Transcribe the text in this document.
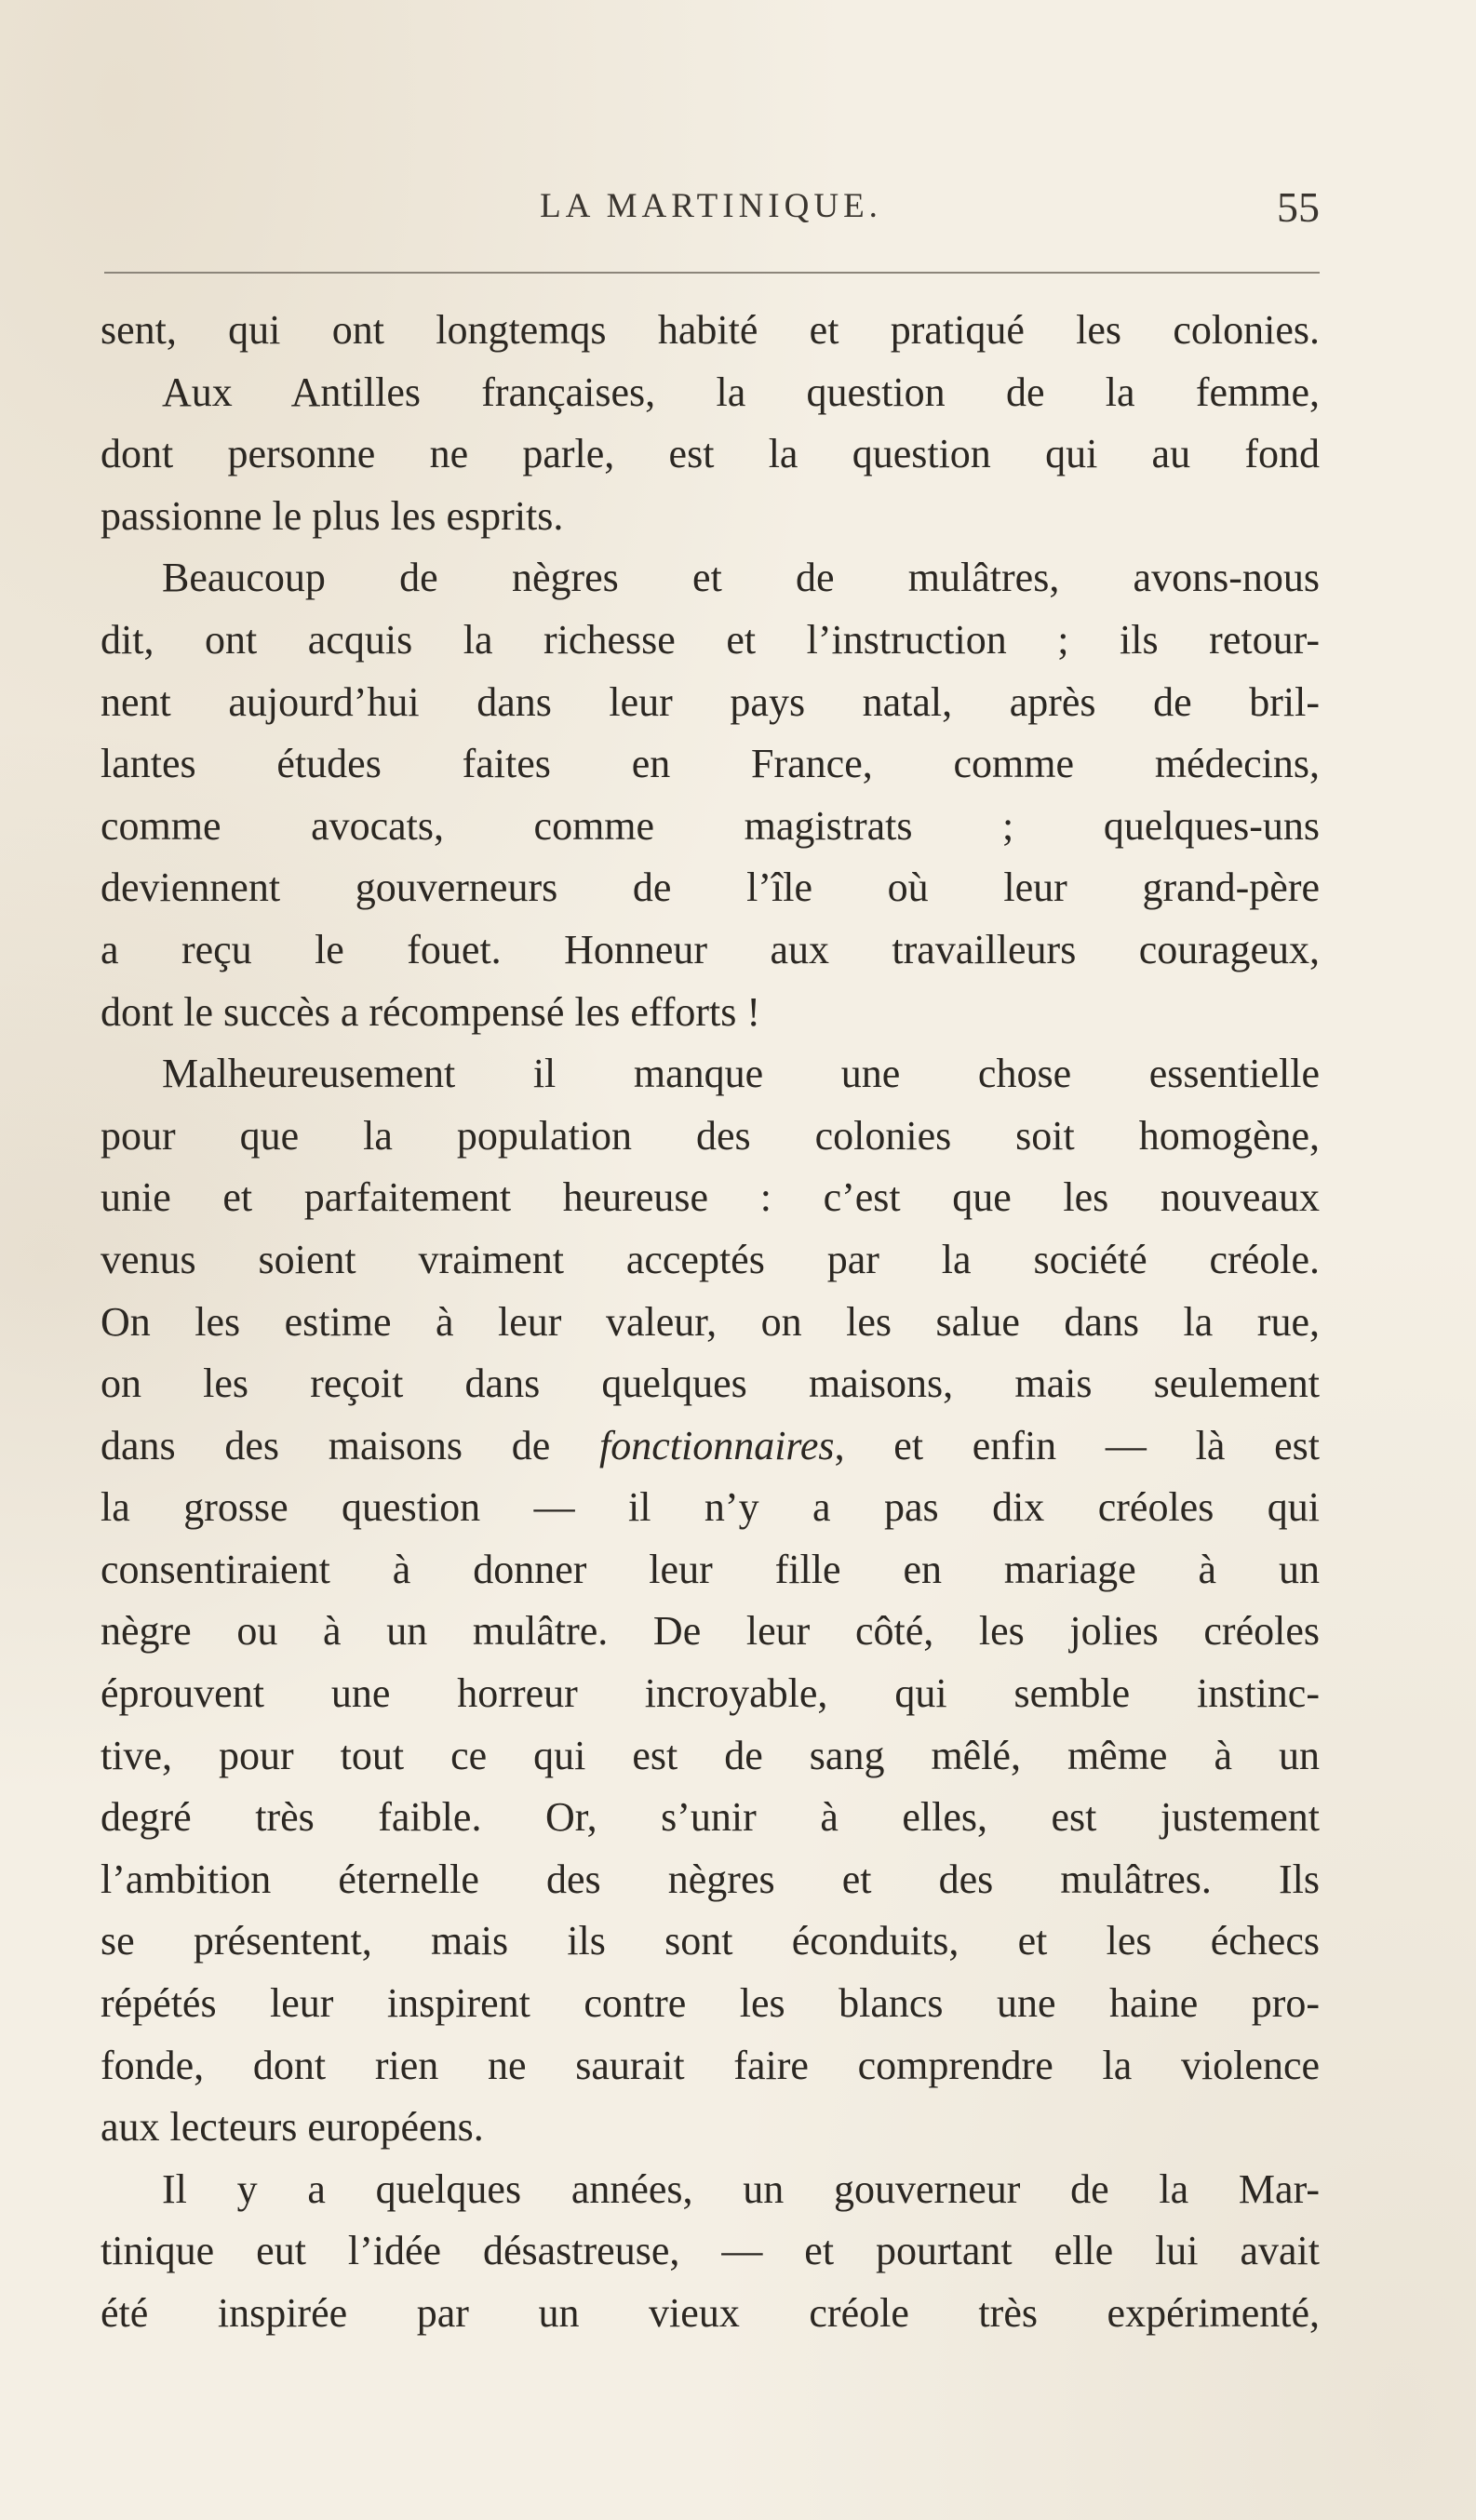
LA MARTINIQUE.	55
sent, qui ont longtemqs habité et pratiqué les colonies.
Aux Antilles françaises, la question de la femme,
dont personne ne parle, est la question qui au fond
passionne le plus les esprits.
Beaucoup de nègres et de mulâtres, avons-nous
dit, ont acquis la richesse et l’instruction ; ils retour-
nent aujourd’hui dans leur pays natal, après de bril-
lantes études faites en France, comme médecins,
comme avocats, comme magistrats ; quelques-uns
deviennent gouverneurs de l’île où leur grand-père
a reçu le fouet. Honneur aux travailleurs courageux,
dont le succès a récompensé les efforts !
Malheureusement il manque une chose essentielle
pour que la population des colonies soit homogène,
unie et parfaitement heureuse : c’est que les nouveaux
venus soient vraiment acceptés par la société créole.
On les estime à leur valeur, on les salue dans la rue,
on les reçoit dans quelques maisons, mais seulement
dans des maisons de fonctionnaires, et enfin — là est
la grosse question — il n’y a pas dix créoles qui
consentiraient à donner leur fille en mariage à un
nègre ou à un mulâtre. De leur côté, les jolies créoles
éprouvent une horreur incroyable, qui semble instinc-
tive, pour tout ce qui est de sang mêlé, même à un
degré très faible. Or, s’unir à elles, est justement
l’ambition éternelle des nègres et des mulâtres. Ils
se présentent, mais ils sont éconduits, et les échecs
répétés leur inspirent contre les blancs une haine pro-
fonde, dont rien ne saurait faire comprendre la violence
aux lecteurs européens.
Il y a quelques années, un gouverneur de la Mar-
tinique eut l’idée désastreuse, — et pourtant elle lui avait
été inspirée par un vieux créole très expérimenté,
